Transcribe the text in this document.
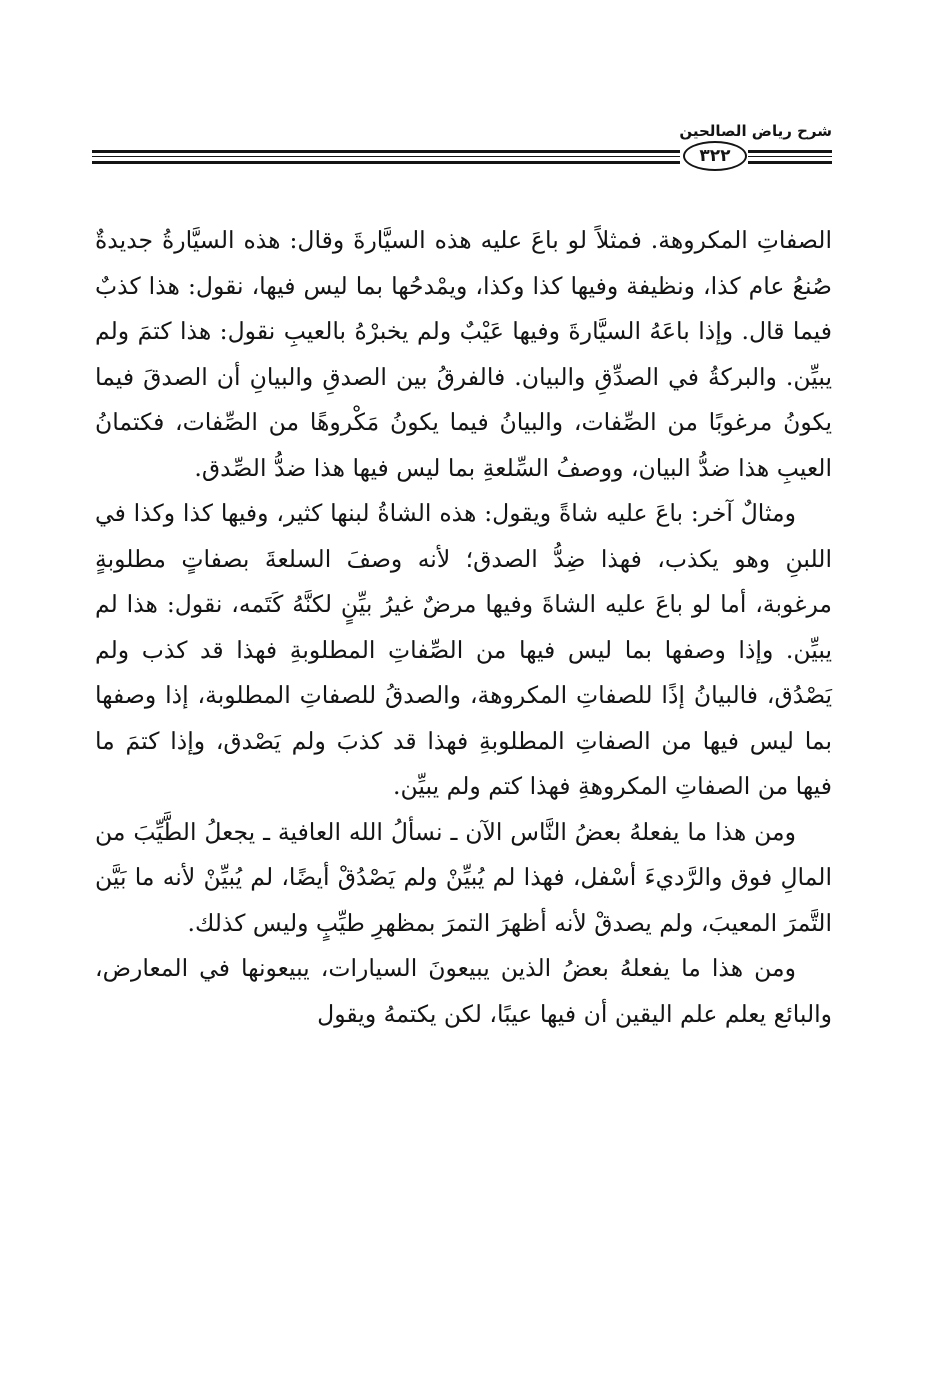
شرح رياض الصالحين
٣٢٢

الصفاتِ المكروهة. فمثلاً لو باعَ عليه هذه السيَّارةَ وقال: هذه السيَّارةُ جديدةٌ صُنعُ عام كذا، ونظيفة وفيها كذا وكذا، ويمْدحُها بما ليس فيها، نقول: هذا كذبٌ فيما قال. وإذا باعَهُ السيَّارةَ وفيها عَيْبٌ ولم يخبرْهُ بالعيبِ نقول: هذا كتمَ ولم يبيِّن. والبركةُ في الصدِّقِ والبيان. فالفرقُ بين الصدقِ والبيانِ أن الصدقَ فيما يكونُ مرغوبًا من الصِّفات، والبيانُ فيما يكونُ مَكْروهًا من الصِّفات، فكتمانُ العيبِ هذا ضدُّ البيان، ووصفُ السِّلعةِ بما ليس فيها هذا ضدُّ الصِّدق.

ومثالٌ آخر: باعَ عليه شاةً ويقول: هذه الشاةُ لبنها كثير، وفيها كذا وكذا في اللبنِ وهو يكذب، فهذا ضِدُّ الصدق؛ لأنه وصفَ السلعةَ بصفاتٍ مطلوبةٍ مرغوبة، أما لو باعَ عليه الشاةَ وفيها مرضٌ غيرُ بيِّنٍ لكنَّهُ كَتَمه، نقول: هذا لم يبيِّن. وإذا وصفها بما ليس فيها من الصِّفاتِ المطلوبةِ فهذا قد كذب ولم يَصْدُق، فالبيانُ إذًا للصفاتِ المكروهة، والصدقُ للصفاتِ المطلوبة، إذا وصفها بما ليس فيها من الصفاتِ المطلوبةِ فهذا قد كذبَ ولم يَصْدق، وإذا كتمَ ما فيها من الصفاتِ المكروهةِ فهذا كتم ولم يبيِّن.

ومن هذا ما يفعلهُ بعضُ النَّاس الآن ـ نسألُ الله العافية ـ يجعلُ الطَّيِّبَ من المالِ فوق والرَّديءَ أسْفل، فهذا لم يُبيِّنْ ولم يَصْدُقْ أيضًا، لم يُبيِّنْ لأنه ما بَيَّن التَّمرَ المعيبَ، ولم يصدقْ لأنه أظهرَ التمرَ بمظهرِ طيِّبٍ وليس كذلك.

ومن هذا ما يفعلهُ بعضُ الذين يبيعونَ السيارات، يبيعونها في المعارض، والبائع يعلم علم اليقين أن فيها عيبًا، لكن يكتمهُ ويقول
